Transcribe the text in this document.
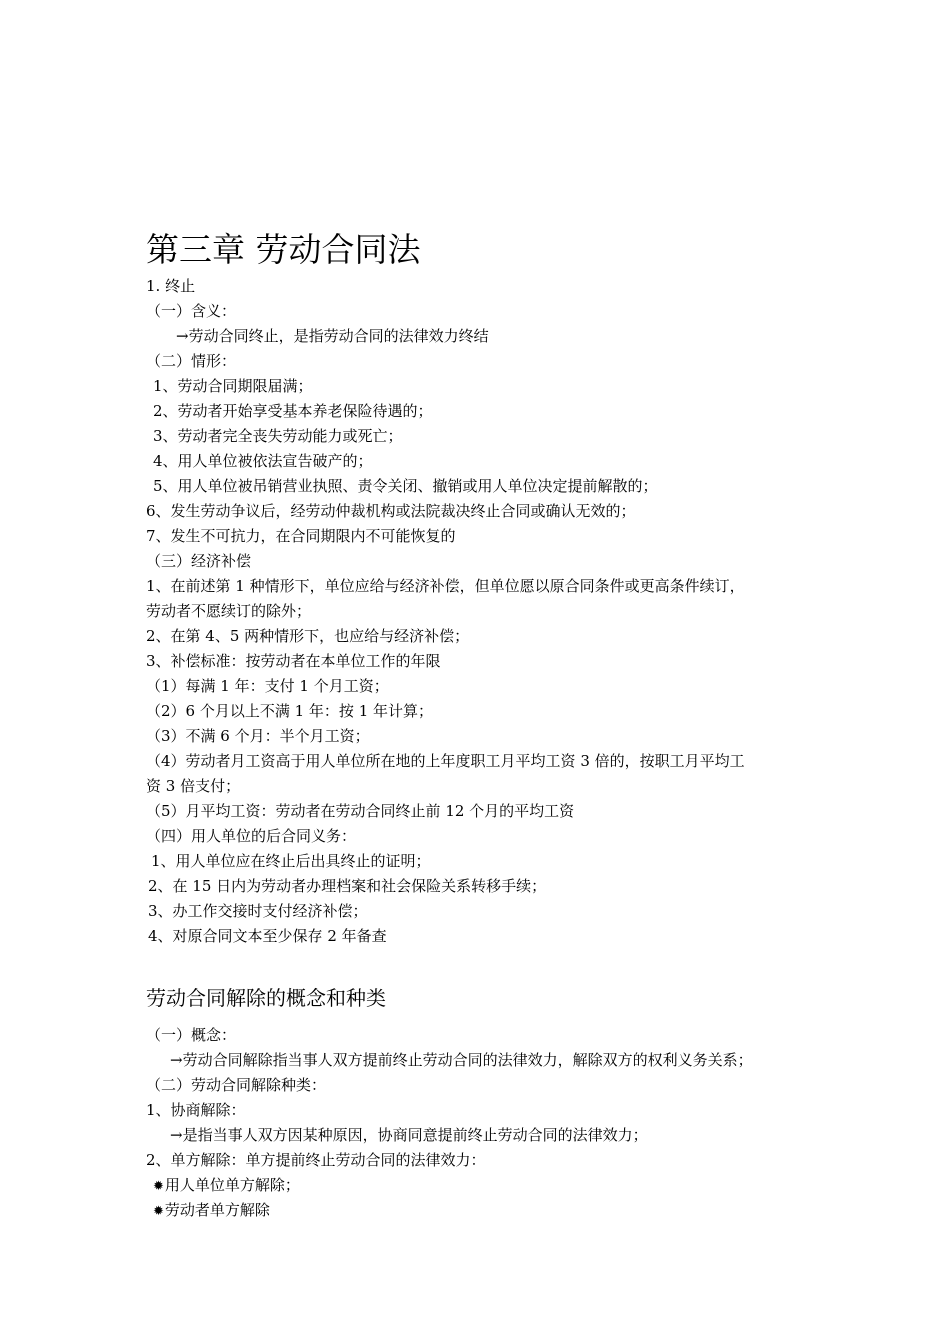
第三章 劳动合同法
1. 终止
（一）含义：
→劳动合同终止，是指劳动合同的法律效力终结
（二）情形：
1、劳动合同期限届满；
2、劳动者开始享受基本养老保险待遇的；
3、劳动者完全丧失劳动能力或死亡；
4、用人单位被依法宣告破产的；
5、用人单位被吊销营业执照、责令关闭、撤销或用人单位决定提前解散的；
6、发生劳动争议后，经劳动仲裁机构或法院裁决终止合同或确认无效的；
7、发生不可抗力，在合同期限内不可能恢复的
（三）经济补偿
1、在前述第 1 种情形下，单位应给与经济补偿，但单位愿以原合同条件或更高条件续订，
劳动者不愿续订的除外；
2、在第 4、5 两种情形下，也应给与经济补偿；
3、补偿标准：按劳动者在本单位工作的年限
（1）每满 1 年：支付 1 个月工资；
（2）6 个月以上不满 1 年：按 1 年计算；
（3）不满 6 个月：半个月工资；
（4）劳动者月工资高于用人单位所在地的上年度职工月平均工资 3 倍的，按职工月平均工
资 3 倍支付；
（5）月平均工资：劳动者在劳动合同终止前 12 个月的平均工资
（四）用人单位的后合同义务：
1、用人单位应在终止后出具终止的证明；
2、在 15 日内为劳动者办理档案和社会保险关系转移手续；
3、办工作交接时支付经济补偿；
4、对原合同文本至少保存 2 年备查
劳动合同解除的概念和种类
（一）概念：
→劳动合同解除指当事人双方提前终止劳动合同的法律效力，解除双方的权利义务关系；
（二）劳动合同解除种类：
1、协商解除：
→是指当事人双方因某种原因，协商同意提前终止劳动合同的法律效力；
2、单方解除：单方提前终止劳动合同的法律效力：
✹用人单位单方解除；
✹劳动者单方解除
